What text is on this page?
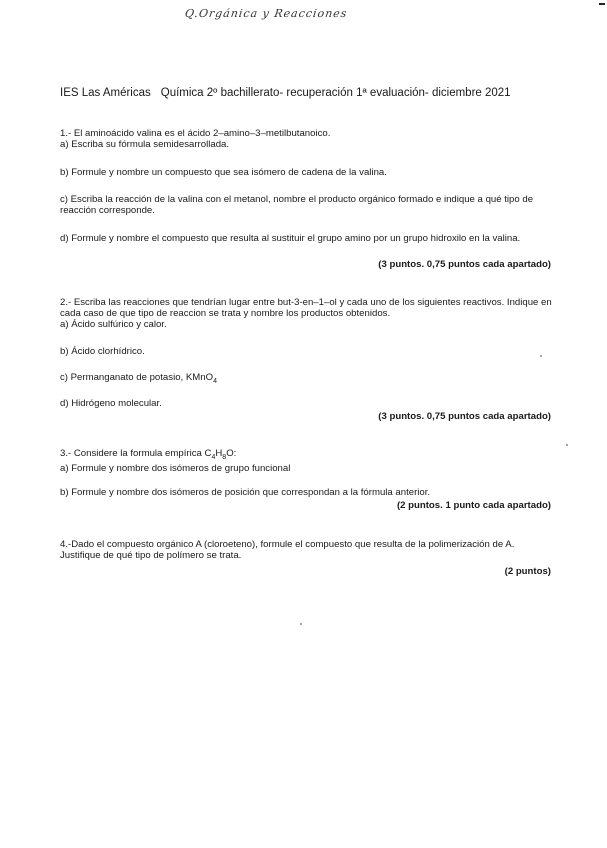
Q.Orgánica y Reacciones
IES Las Américas Química 2º bachillerato- recuperación 1ª evaluación- diciembre 2021

1.- El aminoácido valina es el ácido 2–amino–3–metilbutanoico.

a) Escriba su fórmula semidesarrollada.

b) Formule y nombre un compuesto que sea isómero de cadena de la valina.
c) Escriba la reacción de la valina con el metanol, nombre el producto orgánico formado e indique a qué tipo de reacción corresponde.
d) Formule y nombre el compuesto que resulta al sustituir el grupo amino por un grupo hidroxilo en la valina.
(3 puntos. 0,75 puntos cada apartado)

2.- Escriba las reacciones que tendrían lugar entre but-3-en–1–ol y cada uno de los siguientes reactivos. Indique en cada caso de que tipo de reaccion se trata y nombre los productos obtenidos.

a) Ácido sulfúrico y calor.

b) Ácido clorhídrico.
c) Permanganato de potasio, KMnO$_4$
d) Hidrógeno molecular.
(3 puntos. 0,75 puntos cada apartado)

3.- Considere la formula empírica $C_4H_8O$:

a) Formule y nombre dos isómeros de grupo funcional

b) Formule y nombre dos isómeros de posición que correspondan a la fórmula anterior.
(2 puntos. 1 punto cada apartado)
4.-Dado el compuesto orgánico A (cloroeteno), formule el compuesto que resulta de la polimerización de A. Justifique de qué tipo de polímero se trata.
(2 puntos)
